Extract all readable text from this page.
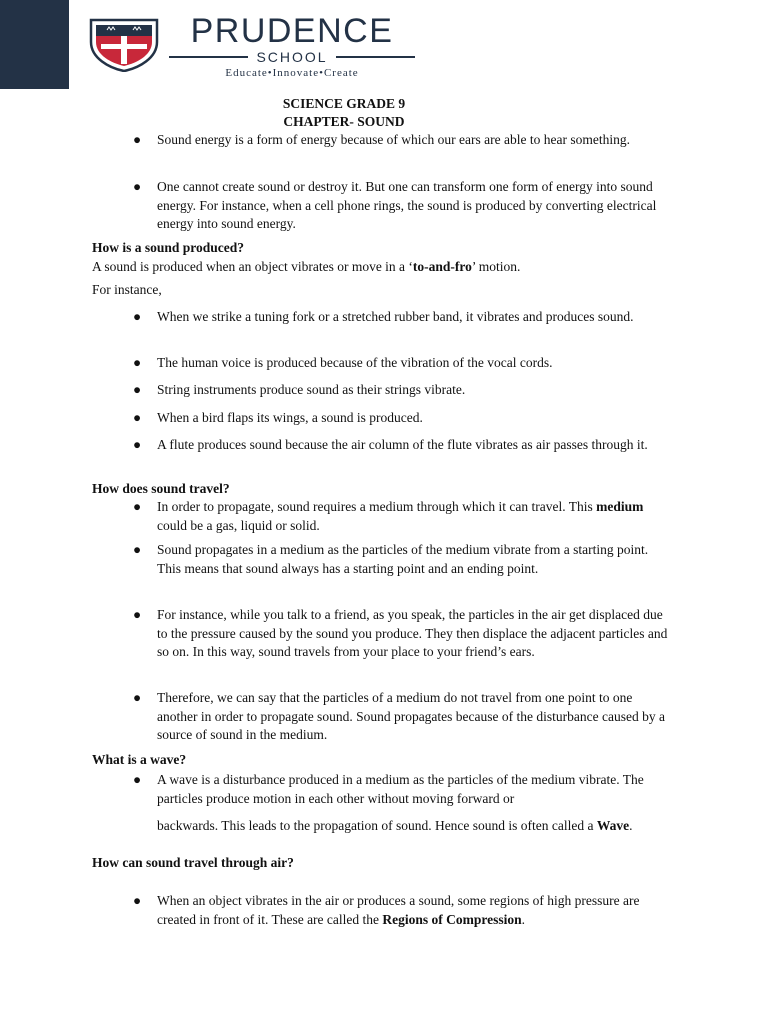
PRUDENCE
SCHOOL
Educate•Innovate•Create
SCIENCE GRADE 9
CHAPTER- SOUND
● Sound energy is a form of energy because of which our ears are able to hear something.
● One cannot create sound or destroy it. But one can transform one form of energy into sound energy. For instance, when a cell phone rings, the sound is produced by converting electrical energy into sound energy.
How is a sound produced?
A sound is produced when an object vibrates or move in a ‘to-and-fro’ motion.
For instance,
● When we strike a tuning fork or a stretched rubber band, it vibrates and produces sound.
● The human voice is produced because of the vibration of the vocal cords.
● String instruments produce sound as their strings vibrate.
● When a bird flaps its wings, a sound is produced.
● A flute produces sound because the air column of the flute vibrates as air passes through it.
How does sound travel?
● In order to propagate, sound requires a medium through which it can travel. This medium could be a gas, liquid or solid.
● Sound propagates in a medium as the particles of the medium vibrate from a starting point. This means that sound always has a starting point and an ending point.
● For instance, while you talk to a friend, as you speak, the particles in the air get displaced due to the pressure caused by the sound you produce. They then displace the adjacent particles and so on. In this way, sound travels from your place to your friend’s ears.
● Therefore, we can say that the particles of a medium do not travel from one point to one another in order to propagate sound. Sound propagates because of the disturbance caused by a source of sound in the medium.
What is a wave?
● A wave is a disturbance produced in a medium as the particles of the medium vibrate. The particles produce motion in each other without moving forward or
backwards. This leads to the propagation of sound. Hence sound is often called a Wave.
How can sound travel through air?
● When an object vibrates in the air or produces a sound, some regions of high pressure are created in front of it. These are called the Regions of Compression.
